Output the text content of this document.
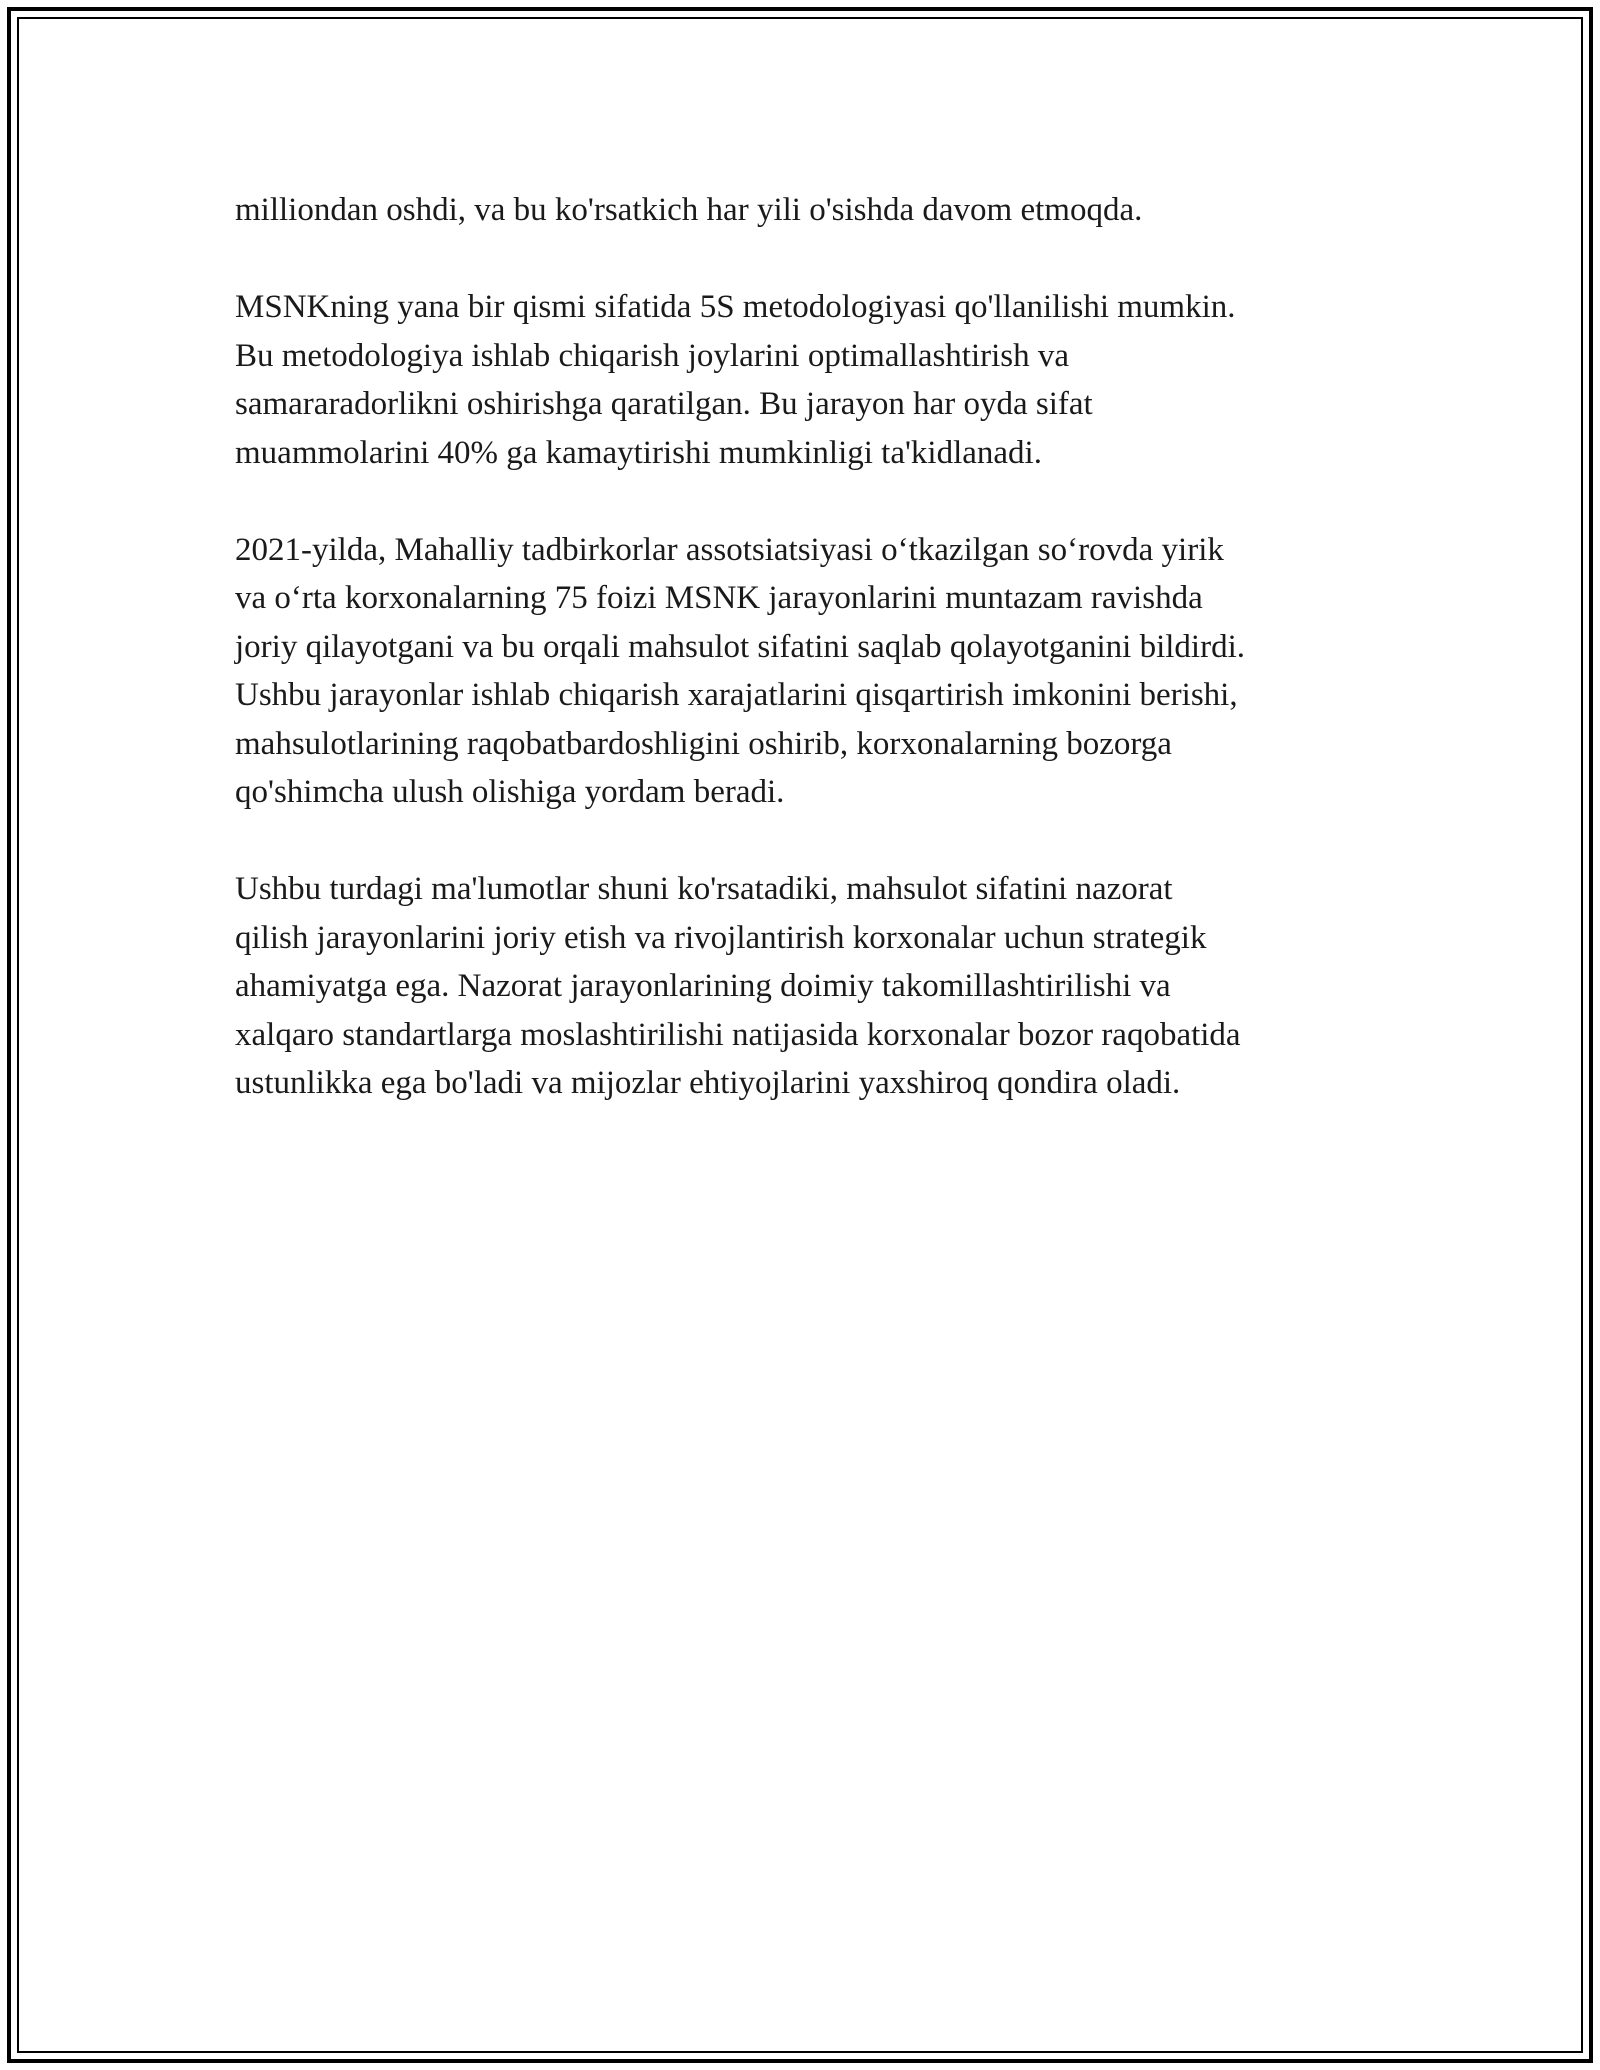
milliondan oshdi, va bu ko'rsatkich har yili o'sishda davom etmoqda.

MSNKning yana bir qismi sifatida 5S metodologiyasi qo'llanilishi mumkin.
Bu metodologiya ishlab chiqarish joylarini optimallashtirish va
samararadorlikni oshirishga qaratilgan. Bu jarayon har oyda sifat
muammolarini 40% ga kamaytirishi mumkinligi ta'kidlanadi.

2021-yilda, Mahalliy tadbirkorlar assotsiatsiyasi o‘tkazilgan so‘rovda yirik
va o‘rta korxonalarning 75 foizi MSNK jarayonlarini muntazam ravishda
joriy qilayotgani va bu orqali mahsulot sifatini saqlab qolayotganini bildirdi.
Ushbu jarayonlar ishlab chiqarish xarajatlarini qisqartirish imkonini berishi,
mahsulotlarining raqobatbardoshligini oshirib, korxonalarning bozorga
qo'shimcha ulush olishiga yordam beradi.

Ushbu turdagi ma'lumotlar shuni ko'rsatadiki, mahsulot sifatini nazorat
qilish jarayonlarini joriy etish va rivojlantirish korxonalar uchun strategik
ahamiyatga ega. Nazorat jarayonlarining doimiy takomillashtirilishi va
xalqaro standartlarga moslashtirilishi natijasida korxonalar bozor raqobatida
ustunlikka ega bo'ladi va mijozlar ehtiyojlarini yaxshiroq qondira oladi.
